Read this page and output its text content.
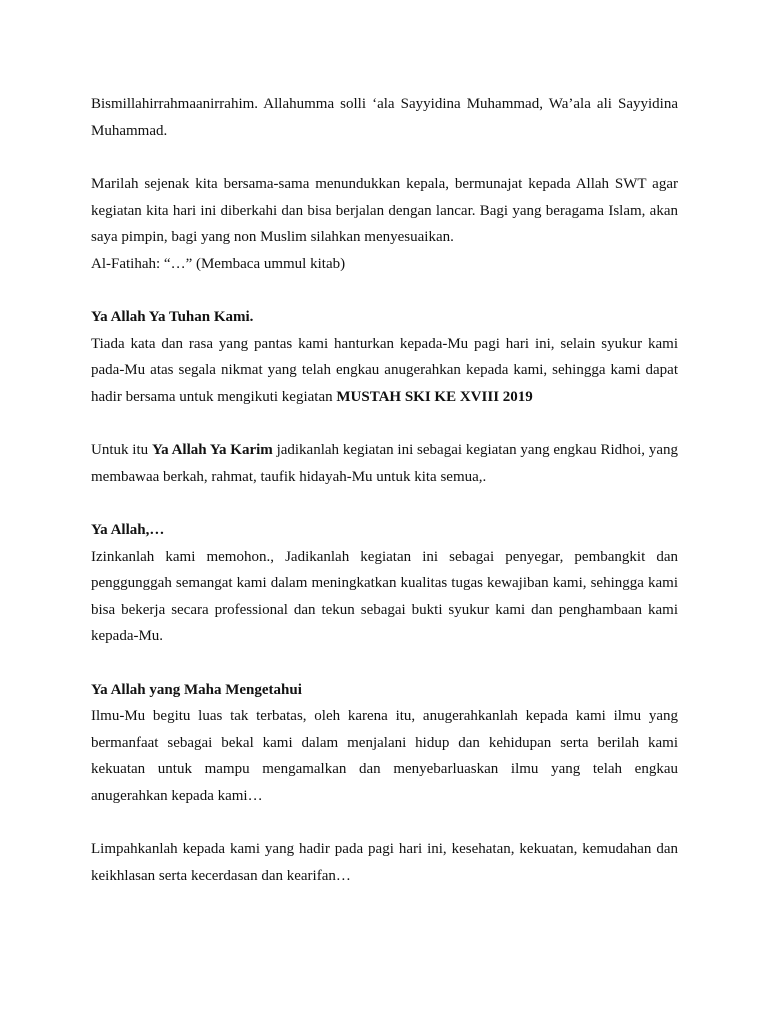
Bismillahirrahmaanirrahim. Allahumma solli ‘ala Sayyidina Muhammad, Wa’ala ali Sayyidina Muhammad.

Marilah sejenak kita bersama-sama menundukkan kepala, bermunajat kepada Allah SWT agar kegiatan kita hari ini diberkahi dan bisa berjalan dengan lancar. Bagi yang beragama Islam, akan saya pimpin, bagi yang non Muslim silahkan menyesuaikan.

Al-Fatihah: “…” (Membaca ummul kitab)

Ya Allah Ya Tuhan Kami.

Tiada kata dan rasa yang pantas kami hanturkan kepada-Mu pagi hari ini, selain syukur kami pada-Mu atas segala nikmat yang telah engkau anugerahkan kepada kami, sehingga kami dapat hadir bersama untuk mengikuti kegiatan MUSTAH SKI KE XVIII 2019

Untuk itu Ya Allah Ya Karim jadikanlah kegiatan ini sebagai kegiatan yang engkau Ridhoi, yang membawaa berkah, rahmat, taufik hidayah-Mu untuk kita semua,.

Ya Allah,…

Izinkanlah kami memohon., Jadikanlah kegiatan ini sebagai penyegar, pembangkit dan penggunggah semangat kami dalam meningkatkan kualitas tugas kewajiban kami, sehingga kami bisa bekerja secara professional dan tekun sebagai bukti syukur kami dan penghambaan kami kepada-Mu.

Ya Allah yang Maha Mengetahui

Ilmu-Mu begitu luas tak terbatas, oleh karena itu, anugerahkanlah kepada kami ilmu yang bermanfaat sebagai bekal kami dalam menjalani hidup dan kehidupan serta berilah kami kekuatan untuk mampu mengamalkan dan menyebarluaskan ilmu yang telah engkau anugerahkan kepada kami…

Limpahkanlah kepada kami yang hadir pada pagi hari ini, kesehatan, kekuatan, kemudahan dan keikhlasan serta kecerdasan dan kearifan…
